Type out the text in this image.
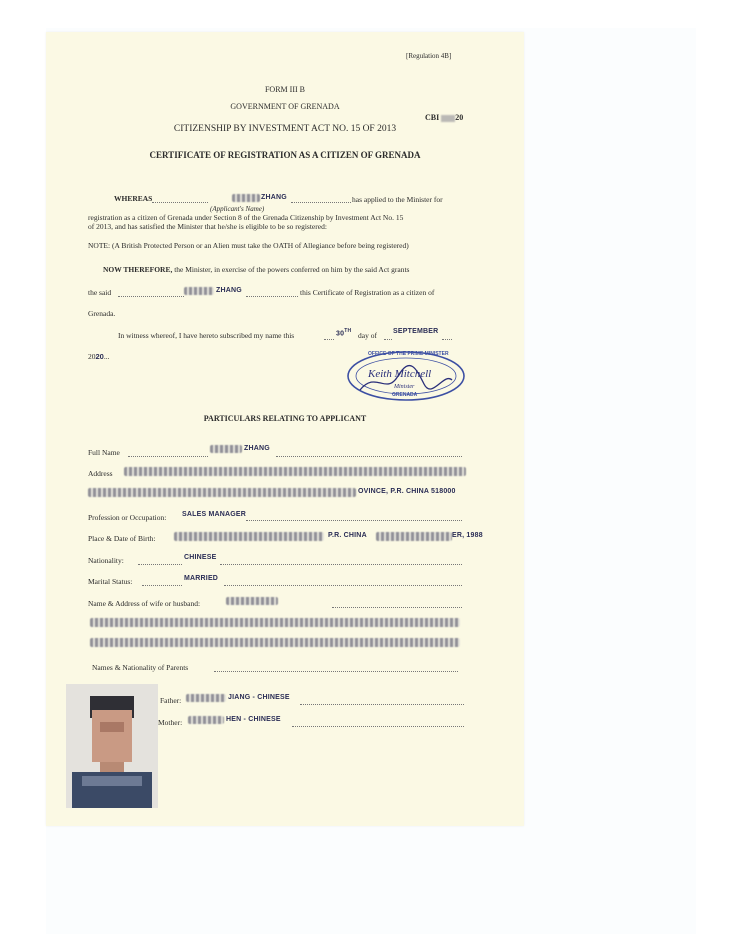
[Regulation 4B]
FORM III B
GOVERNMENT OF GRENADA
CBI 20
CITIZENSHIP BY INVESTMENT ACT NO. 15 OF 2013
CERTIFICATE OF REGISTRATION AS A CITIZEN OF GRENADA
WHEREAS	ZHANG	has applied to the Minister for
(Applicant's Name)
registration as a citizen of Grenada under Section 8 of the Grenada Citizenship by Investment Act No. 15
of 2013, and has satisfied the Minister that he/she is eligible to be so registered:
NOTE: (A British Protected Person or an Alien must take the OATH of Allegiance before being registered)
NOW THEREFORE, the Minister, in exercise of the powers conferred on him by the said Act grants
the said	ZHANG	this Certificate of Registration as a citizen of
Grenada.
In witness whereof, I have hereto subscribed my name this	30TH day of SEPTEMBER
2020...
PARTICULARS RELATING TO APPLICANT
Full Name	ZHANG
Address
OVINCE, P.R. CHINA 518000
Profession or Occupation: SALES MANAGER
Place & Date of Birth:	P.R. CHINA	ER, 1988
Nationality:	CHINESE
Marital Status:	MARRIED
Name & Address of wife or husband:
Names & Nationality of Parents
Father:	JIANG - CHINESE
Mother:	HEN - CHINESE
OFFICE OF THE PRIME MINISTER
Keith Mitchell
Minister
GRENADA
